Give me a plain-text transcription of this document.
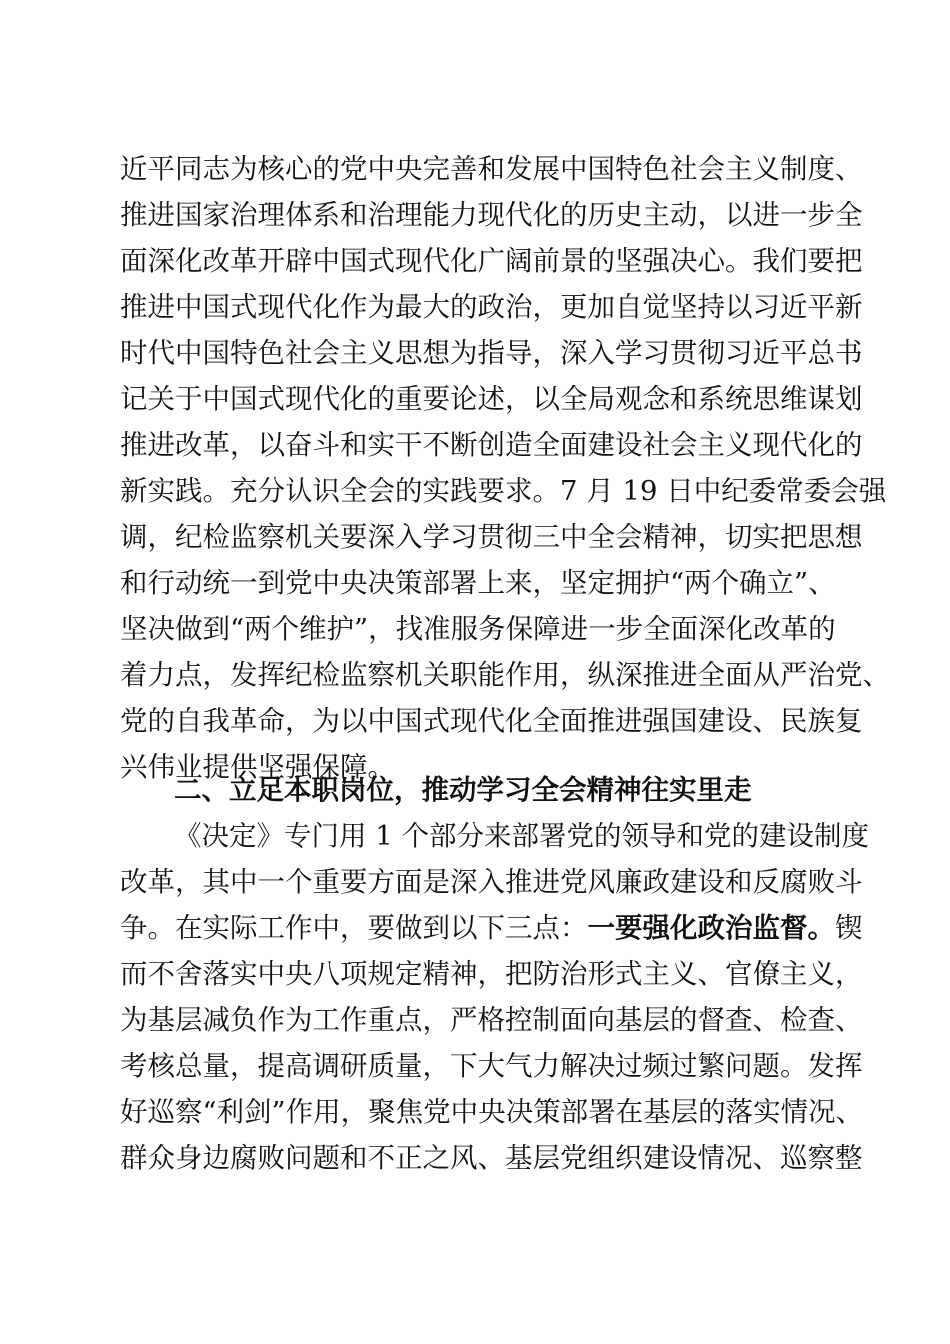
近平同志为核心的党中央完善和发展中国特色社会主义制度、
推进国家治理体系和治理能力现代化的历史主动，以进一步全
面深化改革开辟中国式现代化广阔前景的坚强决心。我们要把
推进中国式现代化作为最大的政治，更加自觉坚持以习近平新
时代中国特色社会主义思想为指导，深入学习贯彻习近平总书
记关于中国式现代化的重要论述，以全局观念和系统思维谋划
推进改革，以奋斗和实干不断创造全面建设社会主义现代化的
新实践。充分认识全会的实践要求。7 月 19 日中纪委常委会强
调，纪检监察机关要深入学习贯彻三中全会精神，切实把思想
和行动统一到党中央决策部署上来，坚定拥护“两个确立”、
坚决做到“两个维护”，找准服务保障进一步全面深化改革的
着力点，发挥纪检监察机关职能作用，纵深推进全面从严治党、
党的自我革命，为以中国式现代化全面推进强国建设、民族复
兴伟业提供坚强保障。
二、立足本职岗位，推动学习全会精神往实里走
《决定》专门用 1 个部分来部署党的领导和党的建设制度
改革，其中一个重要方面是深入推进党风廉政建设和反腐败斗
争。在实际工作中，要做到以下三点：一要强化政治监督。锲
而不舍落实中央八项规定精神，把防治形式主义、官僚主义，
为基层减负作为工作重点，严格控制面向基层的督查、检查、
考核总量，提高调研质量，下大气力解决过频过繁问题。发挥
好巡察“利剑”作用，聚焦党中央决策部署在基层的落实情况、
群众身边腐败问题和不正之风、基层党组织建设情况、巡察整
